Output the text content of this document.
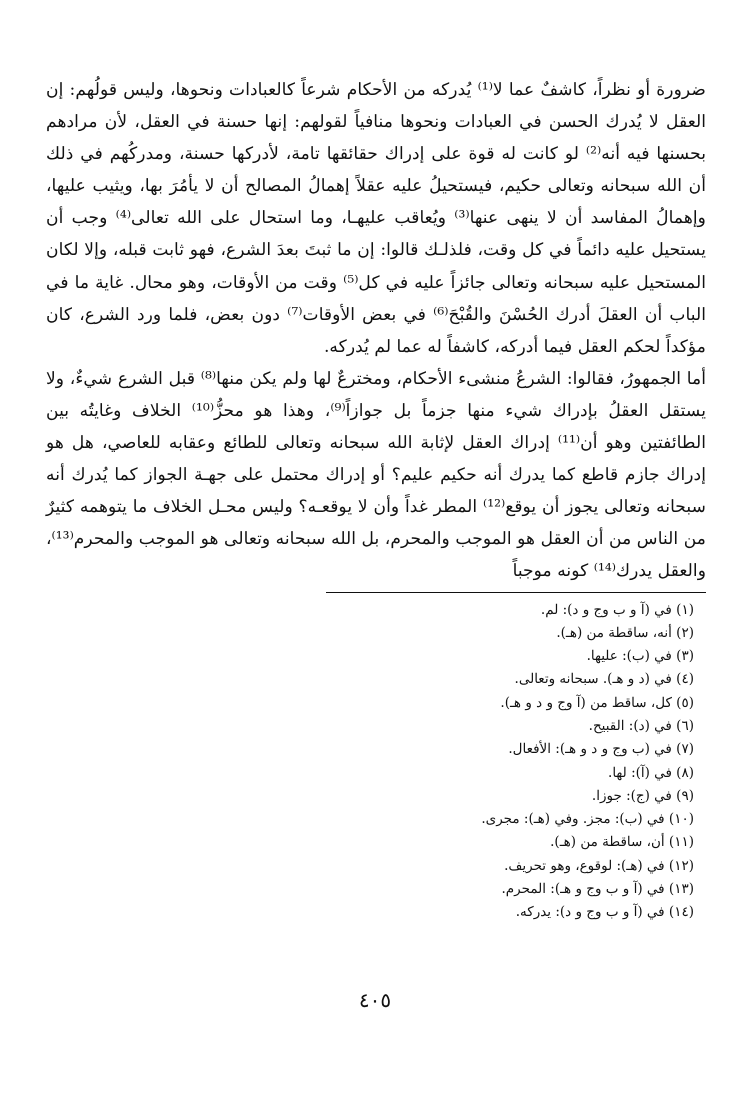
ضرورة أو نظراً، كاشفٌ عما لا⁽¹⁾ يُدركه من الأحكام شرعاً كالعبادات ونحوها، وليس قولُهم: إن العقل لا يُدرك الحسن في العبادات ونحوها منافياً لقولهم: إنها حسنة في العقل، لأن مرادهم بحسنها فيه أنه⁽²⁾ لو كانت له قوة على إدراك حقائقها تامة، لأدركها حسنة، ومدركُهم في ذلك أن الله سبحانه وتعالى حكيم، فيستحيلُ عليه عقلاً إهمالُ المصالح أن لا يأمُرَ بها، ويثيب عليها، وإهمالُ المفاسد أن لا ينهى عنها⁽³⁾ ويُعاقب عليهـا، وما استحال على الله تعالى⁽⁴⁾ وجب أن يستحيل عليه دائماً في كل وقت، فلذلـك قالوا: إن ما ثبتَ بعدَ الشرع، فهو ثابت قبله، وإلا لكان المستحيل عليه سبحانه وتعالى جائزاً عليه في كل⁽⁵⁾ وقت من الأوقات، وهو محال. غاية ما في الباب أن العقلَ أدرك الحُسْنَ والقُبْحَ⁽⁶⁾ في بعض الأوقات⁽⁷⁾ دون بعض، فلما ورد الشرع، كان مؤكداً لحكم العقل فيما أدركه، كاشفاً له عما لم يُدركه.

أما الجمهورُ، فقالوا: الشرعُ منشىء الأحكام، ومخترعٌ لها ولم يكن منها⁽⁸⁾ قبل الشرع شيءٌ، ولا يستقل العقلُ بإدراك شيء منها جزماً بل جوازاً⁽⁹⁾، وهذا هو محزُّ⁽¹⁰⁾ الخلاف وغايتُه بين الطائفتين وهو أن⁽¹¹⁾ إدراك العقل لإثابة الله سبحانه وتعالى للطائع وعقابه للعاصي، هل هو إدراك جازم قاطع كما يدرك أنه حكيم عليم؟ أو إدراك محتمل على جهـة الجواز كما يُدرك أنه سبحانه وتعالى يجوز أن يوقع⁽¹²⁾ المطر غداً وأن لا يوقعـه؟ وليس محـل الخلاف ما يتوهمه كثيرٌ من الناس من أن العقل هو الموجب والمحرم، بل الله سبحانه وتعالى هو الموجب والمحرم⁽¹³⁾، والعقل يدرك⁽¹⁴⁾ كونه موجباً

(١) في (آ و ب وج و د): لم.
(٢) أنه، ساقطة من (هـ).
(٣) في (ب): عليها.
(٤) في (د و هـ). سبحانه وتعالى.
(٥) كل، ساقط من (آ وج و د و هـ).
(٦) في (د): القبيح.
(٧) في (ب وج و د و هـ): الأفعال.
(٨) في (آ): لها.
(٩) في (ج): جوزا.
(١٠) في (ب): مجز. وفي (هـ): مجرى.
(١١) أن، ساقطة من (هـ).
(١٢) في (هـ): لوقوع، وهو تحريف.
(١٣) في (آ و ب وج و هـ): المحرم.
(١٤) في (آ و ب وج و د): يدركه.
٤٠٥
